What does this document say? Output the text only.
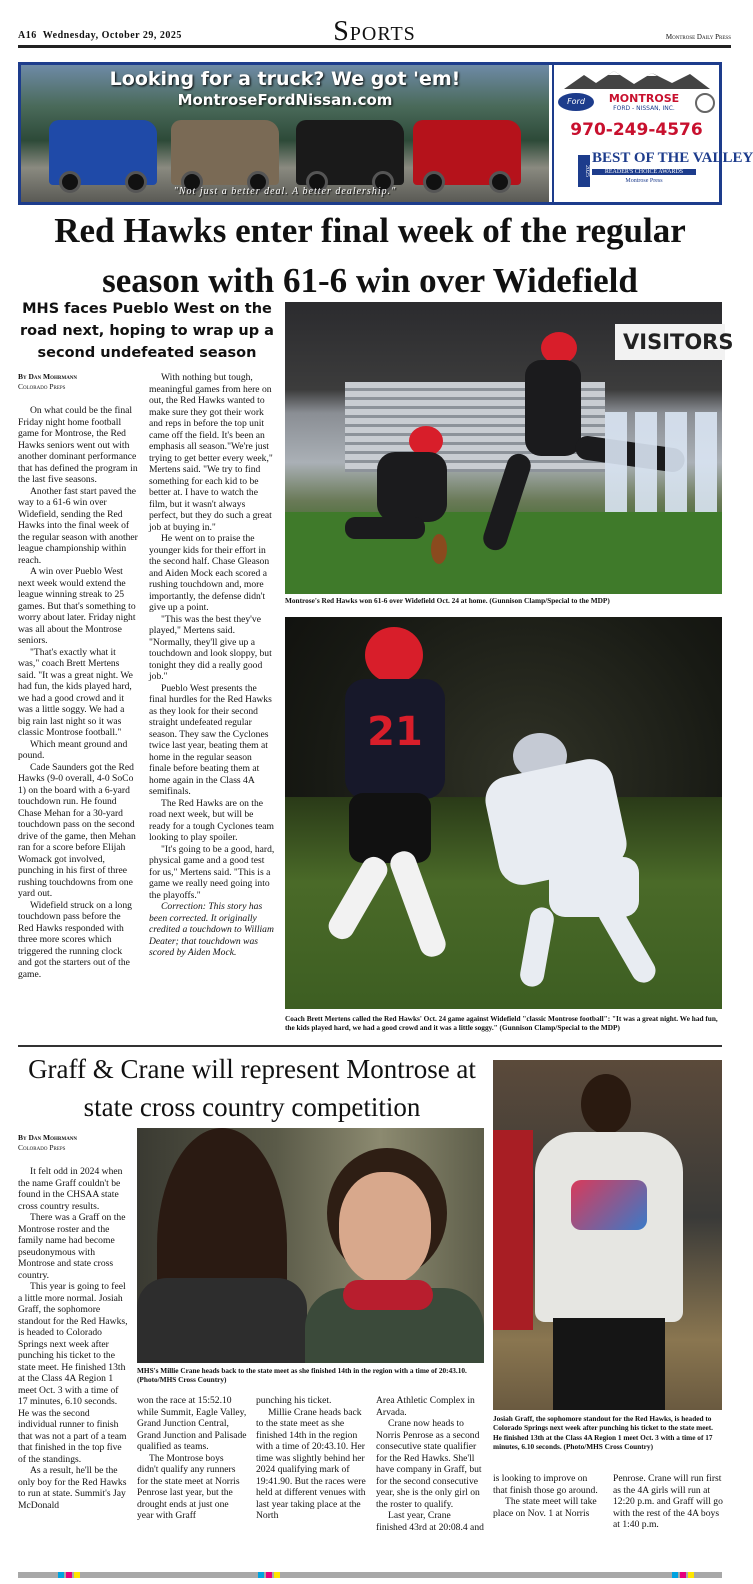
A16 Wednesday, October 29, 2025	Sports	Montrose Daily Press
Looking for a truck? We got 'em!
MontroseFordNissan.com
"Not just a better deal. A better dealership."
Ford	MONTROSE
FORD - NISSAN, INC.
970-249-4576
2025
BEST OF THE VALLEY
READER'S CHOICE AWARDS
Montrose Press
Red Hawks enter final week of the regular season with 61-6 win over Widefield
MHS faces Pueblo West on the road next, hoping to wrap up a second undefeated season
By Dan Mohrmann
Colorado Preps

On what could be the final Friday night home football game for Montrose, the Red Hawks seniors went out with another dominant performance that has defined the program in the last five seasons.

Another fast start paved the way to a 61-6 win over Widefield, sending the Red Hawks into the final week of the regular season with another league championship within reach.

A win over Pueblo West next week would extend the league winning streak to 25 games. But that's something to worry about later. Friday night was all about the Montrose seniors.

"That's exactly what it was," coach Brett Mertens said. "It was a great night. We had fun, the kids played hard, we had a good crowd and it was a little soggy. We had a big rain last night so it was classic Montrose football."

Which meant ground and pound.

Cade Saunders got the Red Hawks (9-0 overall, 4-0 SoCo 1) on the board with a 6-yard touchdown run. He found Chase Mehan for a 30-yard touchdown pass on the second drive of the game, then Mehan ran for a score before Elijah Womack got involved, punching in his first of three rushing touchdowns from one yard out.

Widefield struck on a long touchdown pass before the Red Hawks responded with three more scores which triggered the running clock and got the starters out of the game.

With nothing but tough, meaningful games from here on out, the Red Hawks wanted to make sure they got their work and reps in before the top unit came off the field. It's been an emphasis all season."We're just trying to get better every week," Mertens said. "We try to find something for each kid to be better at. I have to watch the film, but it wasn't always perfect, but they do such a great job at buying in."

He went on to praise the younger kids for their effort in the second half. Chase Gleason and Aiden Mock each scored a rushing touchdown and, more importantly, the defense didn't give up a point.

"This was the best they've played," Mertens said. "Normally, they'll give up a touchdown and look sloppy, but tonight they did a really good job."

Pueblo West presents the final hurdles for the Red Hawks as they look for their second straight undefeated regular season. They saw the Cyclones twice last year, beating them at home in the regular season finale before beating them at home again in the Class 4A semifinals.

The Red Hawks are on the road next week, but will be ready for a tough Cyclones team looking to play spoiler.

"It's going to be a good, hard, physical game and a good test for us," Mertens said. "This is a game we really need going into the playoffs."

Correction: This story has been corrected. It originally credited a touchdown to William Deater; that touchdown was scored by Aiden Mock.

VISITORS
Montrose's Red Hawks won 61-6 over Widefield Oct. 24 at home. (Gunnison Clamp/Special to the MDP)
21
Coach Brett Mertens called the Red Hawks' Oct. 24 game against Widefield "classic Montrose football": "It was a great night. We had fun, the kids played hard, we had a good crowd and it was a little soggy." (Gunnison Clamp/Special to the MDP)
Graff & Crane will represent Montrose at state cross country competition
By Dan Mohrmann
Colorado Preps

It felt odd in 2024 when the name Graff couldn't be found in the CHSAA state cross country results.

There was a Graff on the Montrose roster and the family name had become pseudonymous with Montrose and state cross country.

This year is going to feel a little more normal. Josiah Graff, the sophomore standout for the Red Hawks, is headed to Colorado Springs next week after punching his ticket to the state meet. He finished 13th at the Class 4A Region 1 meet Oct. 3 with a time of 17 minutes, 6.10 seconds. He was the second individual runner to finish that was not a part of a team that finished in the top five of the standings.

As a result, he'll be the only boy for the Red Hawks to run at state. Summit's Jay McDonald

MHS's Millie Crane heads back to the state meet as she finished 14th in the region with a time of 20:43.10. (Photo/MHS Cross Country)

won the race at 15:52.10 while Summit, Eagle Valley, Grand Junction Central, Grand Junction and Palisade qualified as teams.

The Montrose boys didn't qualify any runners for the state meet at Norris Penrose last year, but the drought ends at just one year with Graff

punching his ticket.

Millie Crane heads back to the state meet as she finished 14th in the region with a time of 20:43.10. Her time was slightly behind her 2024 qualifying mark of 19:41.90. But the races were held at different venues with last year taking place at the North

Area Athletic Complex in Arvada.

Crane now heads to Norris Penrose as a second consecutive state qualifier for the Red Hawks. She'll have company in Graff, but for the second consecutive year, she is the only girl on the roster to qualify.

Last year, Crane finished 43rd at 20:08.4 and

Josiah Graff, the sophomore standout for the Red Hawks, is headed to Colorado Springs next week after punching his ticket to the state meet. He finished 13th at the Class 4A Region 1 meet Oct. 3 with a time of 17 minutes, 6.10 seconds. (Photo/MHS Cross Country)

is looking to improve on that finish those go around.

The state meet will take place on Nov. 1 at Norris

Penrose. Crane will run first as the 4A girls will run at 12:20 p.m. and Graff will go with the rest of the 4A boys at 1:40 p.m.
